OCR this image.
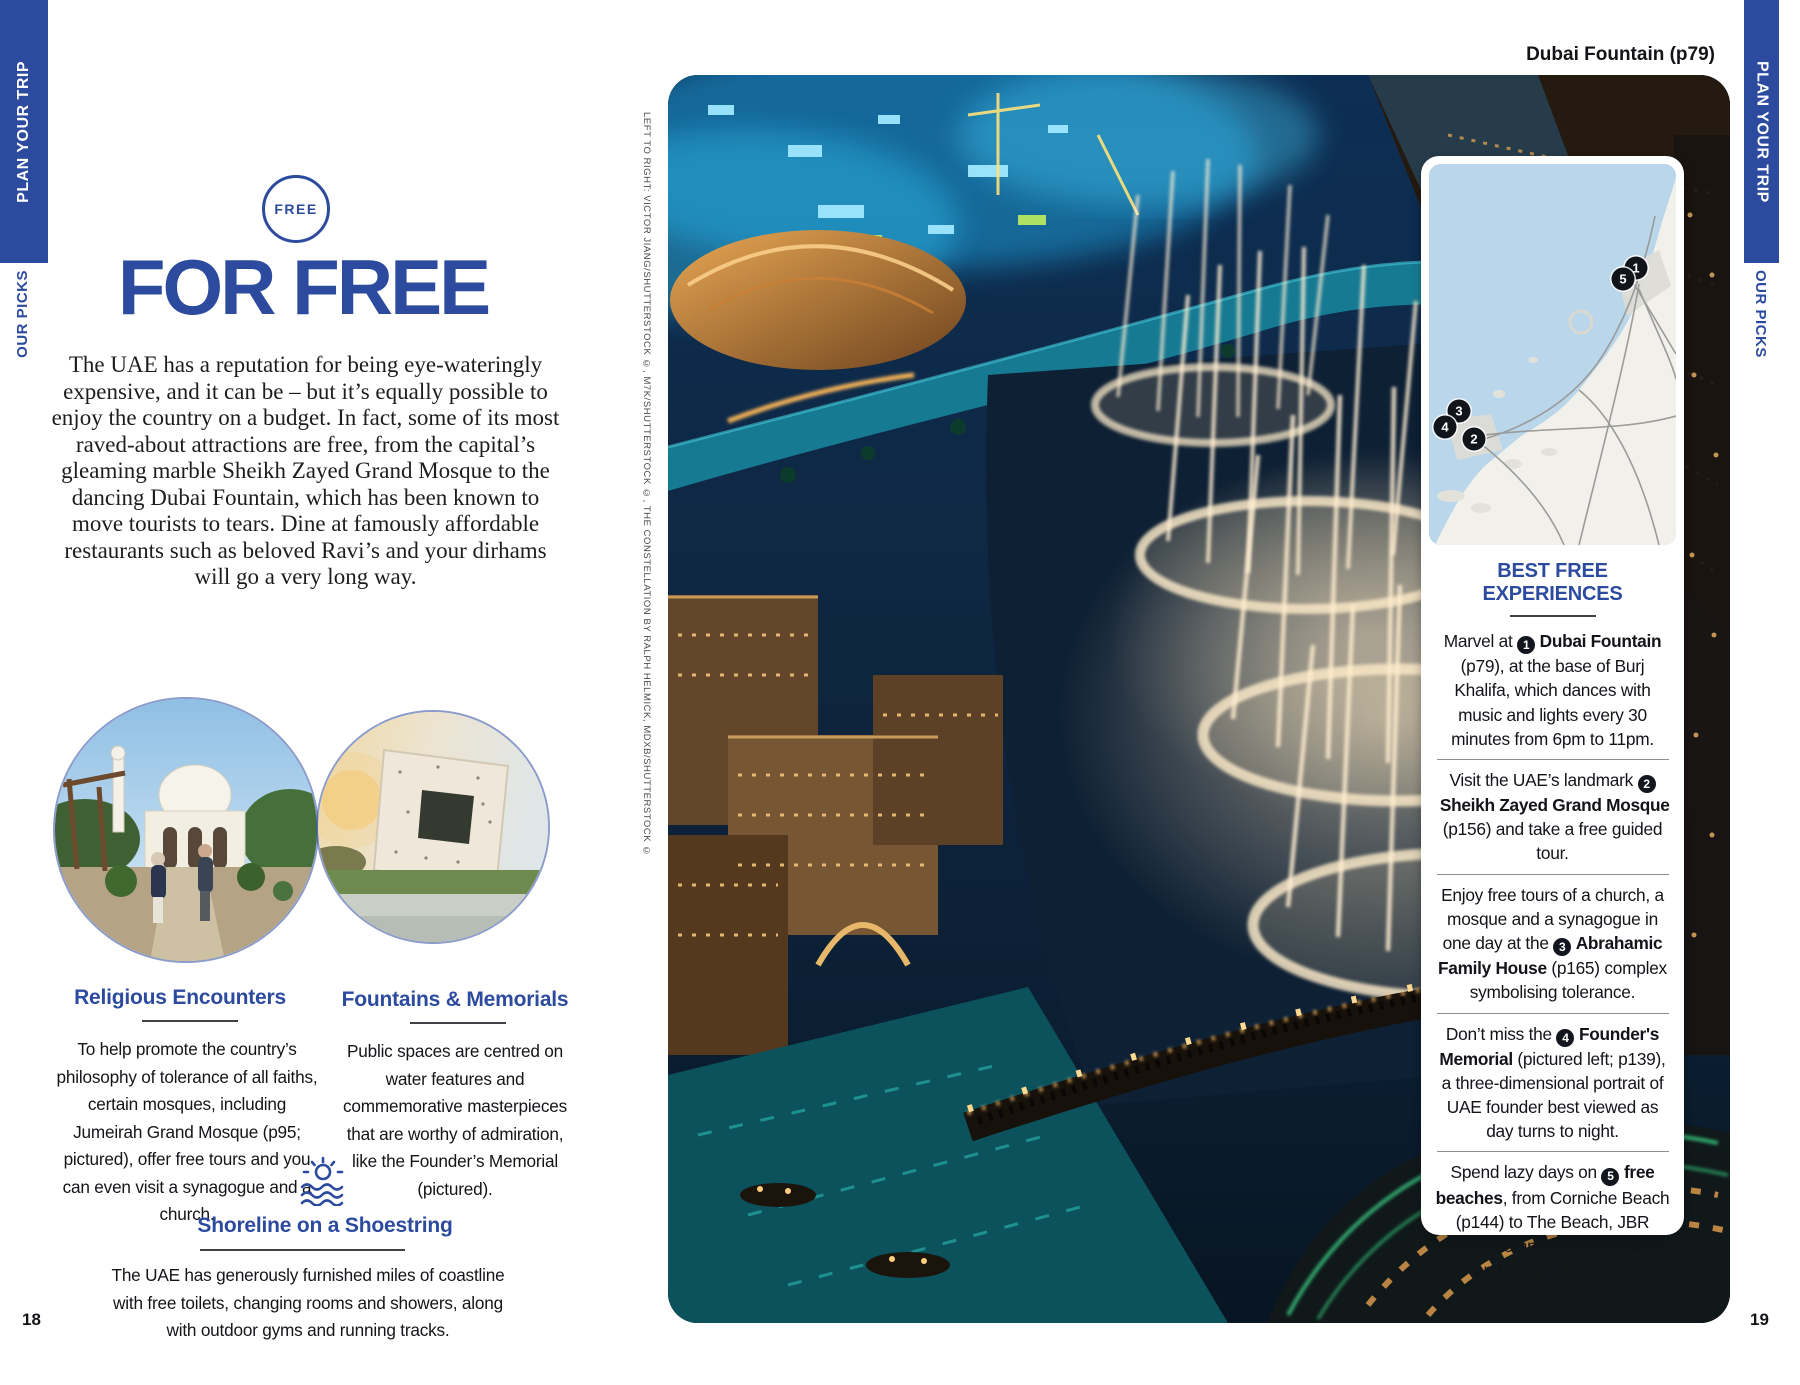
PLAN YOUR TRIP
OUR PICKS
FREE
FOR FREE
The UAE has a reputation for being eye-wateringly expensive, and it can be – but it’s equally possible to enjoy the country on a budget. In fact, some of its most raved-about attractions are free, from the capital’s gleaming marble Sheikh Zayed Grand Mosque to the dancing Dubai Fountain, which has been known to move tourists to tears. Dine at famously affordable restaurants such as beloved Ravi’s and your dirhams will go a very long way.
Religious Encounters
To help promote the country’s philosophy of tolerance of all faiths, certain mosques, including Jumeirah Grand Mosque (p95; pictured), offer free tours and you can even visit a synagogue and a church.
Fountains & Memorials
Public spaces are centred on water features and commemorative masterpieces that are worthy of admiration, like the Founder’s Memorial (pictured).
Shoreline on a Shoestring
The UAE has generously furnished miles of coastline with free toilets, changing rooms and showers, along with outdoor gyms and running tracks.
18
Dubai Fountain (p79)
LEFT TO RIGHT: VICTOR JIANG/SHUTTERSTOCK ©, M7K/SHUTTERSTOCK ©, THE CONSTELLATION BY RALPH HELMICK, MDXB/SHUTTERSTOCK ©	1
5
3
4
2
BEST FREE EXPERIENCES
Marvel at 1 Dubai Fountain (p79), at the base of Burj Khalifa, which dances with music and lights every 30 minutes from 6pm to 11pm.
Visit the UAE’s landmark 2 Sheikh Zayed Grand Mosque (p156) and take a free guided tour.
Enjoy free tours of a church, a mosque and a synagogue in one day at the 3 Abrahamic Family House (p165) complex symbolising tolerance.
Don’t miss the 4 Founder's Memorial (pictured left; p139), a three-dimensional portrait of UAE founder best viewed as day turns to night.
Spend lazy days on 5 free beaches, from Corniche Beach (p144) to The Beach, JBR (p111), complete with showers and changing rooms.
PLAN YOUR TRIP
OUR PICKS
19
